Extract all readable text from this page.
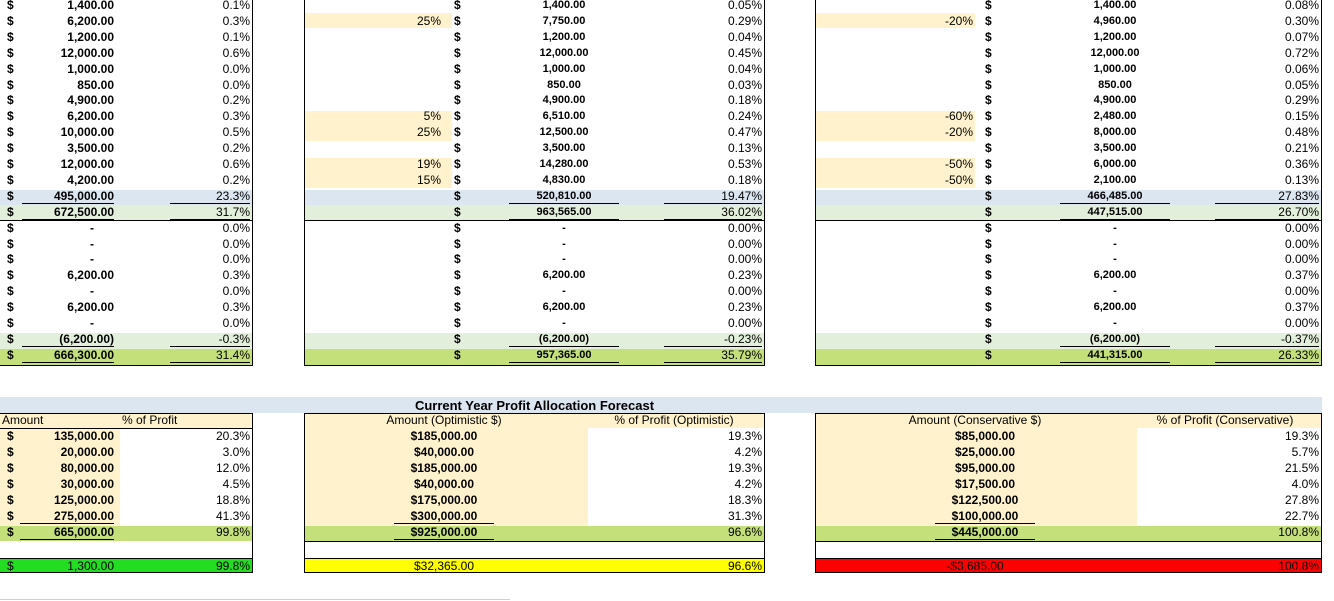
$	1,400.00	0.1%
$	6,200.00	0.3%
$	1,200.00	0.1%
$	12,000.00	0.6%
$	1,000.00	0.0%
$	850.00	0.0%
$	4,900.00	0.2%
$	6,200.00	0.3%
$	10,000.00	0.5%
$	3,500.00	0.2%
$	12,000.00	0.6%
$	4,200.00	0.2%
$	495,000.00	23.3%
$	672,500.00	31.7%
$	-	0.0%
$	-	0.0%
$	-	0.0%
$	6,200.00	0.3%
$	-	0.0%
$	6,200.00	0.3%
$	-	0.0%
$	(6,200.00)	-0.3%
$	666,300.00	31.4%
$	1,400.00	0.05%
25% $	7,750.00	0.29%
$	1,200.00	0.04%
$	12,000.00	0.45%
$	1,000.00	0.04%
$	850.00	0.03%
$	4,900.00	0.18%
5% $	6,510.00	0.24%
25% $	12,500.00	0.47%
$	3,500.00	0.13%
19% $	14,280.00	0.53%
15% $	4,830.00	0.18%
$	520,810.00	19.47%
$	963,565.00	36.02%
$	-	0.00%
$	-	0.00%
$	-	0.00%
$	6,200.00	0.23%
$	-	0.00%
$	6,200.00	0.23%
$	-	0.00%
$	(6,200.00)	-0.23%
$	957,365.00	35.79%
$	1,400.00	0.08%
-20% $	4,960.00	0.30%
$	1,200.00	0.07%
$	12,000.00	0.72%
$	1,000.00	0.06%
$	850.00	0.05%
$	4,900.00	0.29%
-60% $	2,480.00	0.15%
-20% $	8,000.00	0.48%
$	3,500.00	0.21%
-50% $	6,000.00	0.36%
-50% $	2,100.00	0.13%
$	466,485.00	27.83%
$	447,515.00	26.70%
$	-	0.00%
$	-	0.00%
$	-	0.00%
$	6,200.00	0.37%
$	-	0.00%
$	6,200.00	0.37%
$	-	0.00%
$	(6,200.00)	-0.37%
$	441,315.00	26.33%
Current Year Profit Allocation Forecast
Amount	% of Profit
$	135,000.00	20.3%
$	20,000.00	3.0%
$	80,000.00	12.0%
$	30,000.00	4.5%
$	125,000.00	18.8%
$	275,000.00	41.3%
$	665,000.00	99.8%
$	1,300.00	99.8%
Amount (Optimistic $)	% of Profit (Optimistic)
$185,000.00	19.3%
$40,000.00	4.2%
$185,000.00	19.3%
$40,000.00	4.2%
$175,000.00	18.3%
$300,000.00	31.3%
$925,000.00	96.6%
$32,365.00	96.6%
Amount (Conservative $)	% of Profit (Conservative)
$85,000.00	19.3%
$25,000.00	5.7%
$95,000.00	21.5%
$17,500.00	4.0%
$122,500.00	27.8%
$100,000.00	22.7%
$445,000.00	100.8%
-$3,685.00	100.8%
